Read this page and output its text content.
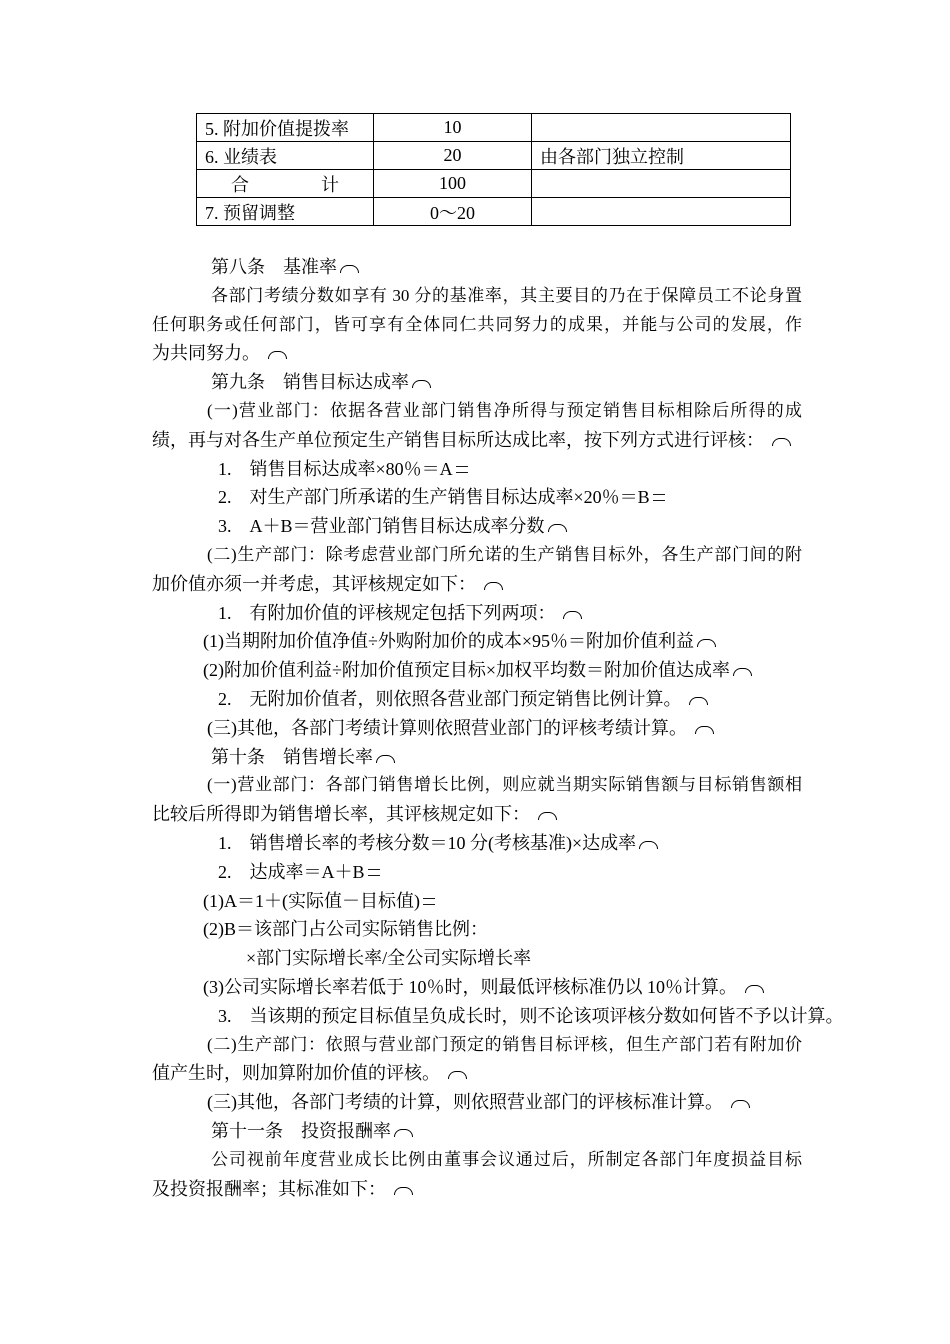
5. 附加价值提拨率	10	
6. 业绩表	20	由各部门独立控制
合　　　　计	100	
7. 预留调整	0～20	
第八条　基准率
各部门考绩分数如享有 30 分的基准率，其主要目的乃在于保障员工不论身置
任何职务或任何部门，皆可享有全体同仁共同努力的成果，并能与公司的发展，作
为共同努力。
第九条　销售目标达成率
(一)营业部门：依据各营业部门销售净所得与预定销售目标相除后所得的成
绩，再与对各生产单位预定生产销售目标所达成比率，按下列方式进行评核：
1.　销售目标达成率×80％＝A
2.　对生产部门所承诺的生产销售目标达成率×20％＝B
3.　A＋B＝营业部门销售目标达成率分数
(二)生产部门：除考虑营业部门所允诺的生产销售目标外，各生产部门间的附
加价值亦须一并考虑，其评核规定如下：
1.　有附加价值的评核规定包括下列两项：
(1)当期附加价值净值÷外购附加价的成本×95％＝附加价值利益
(2)附加价值利益÷附加价值预定目标×加权平均数＝附加价值达成率
2.　无附加价值者，则依照各营业部门预定销售比例计算。
(三)其他，各部门考绩计算则依照营业部门的评核考绩计算。
第十条　销售增长率
(一)营业部门：各部门销售增长比例，则应就当期实际销售额与目标销售额相
比较后所得即为销售增长率，其评核规定如下：
1.　销售增长率的考核分数＝10 分(考核基准)×达成率
2.　达成率＝A＋B
(1)A＝1＋(实际值－目标值)
(2)B＝该部门占公司实际销售比例：
×部门实际增长率/全公司实际增长率
(3)公司实际增长率若低于 10％时，则最低评核标准仍以 10％计算。
3.　当该期的预定目标值呈负成长时，则不论该项评核分数如何皆不予以计算。
(二)生产部门：依照与营业部门预定的销售目标评核，但生产部门若有附加价
值产生时，则加算附加价值的评核。
(三)其他，各部门考绩的计算，则依照营业部门的评核标准计算。
第十一条　投资报酬率
公司视前年度营业成长比例由董事会议通过后，所制定各部门年度损益目标
及投资报酬率；其标准如下：
